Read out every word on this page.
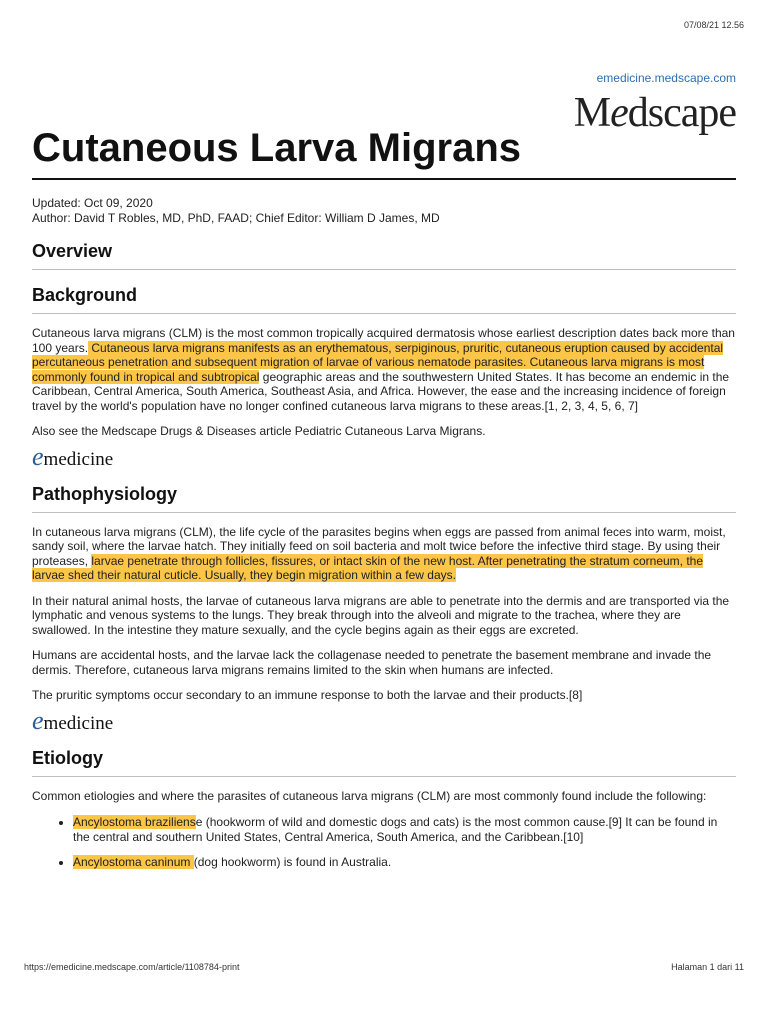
07/08/21 12.56
emedicine.medscape.com
Medscape
Cutaneous Larva Migrans

Updated: Oct 09, 2020

Author: David T Robles, MD, PhD, FAAD; Chief Editor: William D James, MD

Overview
Background

Cutaneous larva migrans (CLM) is the most common tropically acquired dermatosis whose earliest description dates back more than 100 years. Cutaneous larva migrans manifests as an erythematous, serpiginous, pruritic, cutaneous eruption caused by accidental percutaneous penetration and subsequent migration of larvae of various nematode parasites. Cutaneous larva migrans is most commonly found in tropical and subtropical geographic areas and the southwestern United States. It has become an endemic in the Caribbean, Central America, South America, Southeast Asia, and Africa. However, the ease and the increasing incidence of foreign travel by the world's population have no longer confined cutaneous larva migrans to these areas.[1, 2, 3, 4, 5, 6, 7]

Also see the Medscape Drugs & Diseases article Pediatric Cutaneous Larva Migrans.

emedicine
Pathophysiology

In cutaneous larva migrans (CLM), the life cycle of the parasites begins when eggs are passed from animal feces into warm, moist, sandy soil, where the larvae hatch. They initially feed on soil bacteria and molt twice before the infective third stage. By using their proteases, larvae penetrate through follicles, fissures, or intact skin of the new host. After penetrating the stratum corneum, the larvae shed their natural cuticle. Usually, they begin migration within a few days.

In their natural animal hosts, the larvae of cutaneous larva migrans are able to penetrate into the dermis and are transported via the lymphatic and venous systems to the lungs. They break through into the alveoli and migrate to the trachea, where they are swallowed. In the intestine they mature sexually, and the cycle begins again as their eggs are excreted.

Humans are accidental hosts, and the larvae lack the collagenase needed to penetrate the basement membrane and invade the dermis. Therefore, cutaneous larva migrans remains limited to the skin when humans are infected.

The pruritic symptoms occur secondary to an immune response to both the larvae and their products.[8]

emedicine
Etiology

Common etiologies and where the parasites of cutaneous larva migrans (CLM) are most commonly found include the following:

• Ancylostoma braziliense (hookworm of wild and domestic dogs and cats) is the most common cause.[9] It can be found in the central and southern United States, Central America, South America, and the Caribbean.[10]
• Ancylostoma caninum (dog hookworm) is found in Australia.
https://emedicine.medscape.com/article/1108784-print	Halaman 1 dari 11
